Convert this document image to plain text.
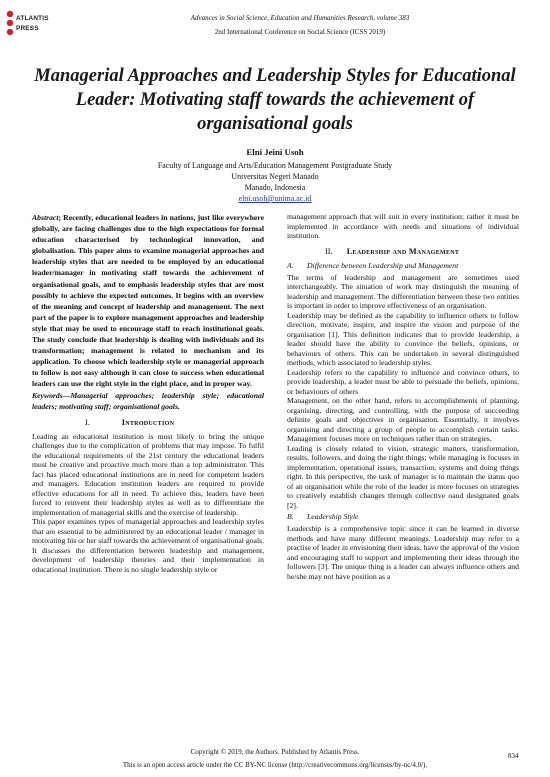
ATLANTIS
PRESS
Advances in Social Science, Education and Humanities Research, volume 383
2nd International Conference on Social Science (ICSS 2019)
Managerial Approaches and Leadership Styles for Educational Leader: Motivating staff towards the achievement of organisational goals
Elni Jeini Usoh
Faculty of Language and Arts/Education Management Postgraduate Study
Universitas Negeri Manado
Manado, Indonesia
elni.usoh@unima.ac.id

Abstract; Recently, educational leaders in nations, just like everywhere globally, are facing challenges due to the high expectations for formal education characterised by technological innovation, and globalisation. This paper aims to examine managerial approaches and leadership styles that are needed to be employed by an educational leader/manager in motivating staff towards the achievement of organisational goals, and to emphasis leadership styles that are most possibly to achieve the expected outcomes. It begins with an overview of the meaning and concept of leadership and management. The next part of the paper is to explore management approaches and leadership style that may be used to encourage staff to reach institutional goals. The study conclude that leadership is dealing with individuals and its transformation; management is related to mechanism and its application. To choose which leadership style or managerial approach to follow is not easy although it can close to success when educational leaders can use the right style in the right place, and in proper way.

Keywords—Managerial approaches; leadership style; educational leaders; motivating staff; organisational goals.

I.	Introduction

Leading an educational institution is most likely to bring the unique challenges due to the complication of problems that may impose. To fulfil the educational requirements of the 21st century the educational leaders must be creative and proactive much more than a top administrator. This fact has placed educational institutions are in need for competent leaders and managers. Education institution leaders are required to provide effective educations for all in need. To achieve this, leaders have been forced to reinvent their leadership styles as well as to differentiate the implementation of managerial skills and the exercise of leadership.

This paper examines types of managerial approaches and leadership styles that are essential to be administered by an educational leader / manager in motivating his or her staff towards the achievement of organisational goals. It discusses the differentiation between leadership and management, development of leadership theories and their implementation in educational institution. There is no single leadership style or

management approach that will suit in every institution; rather it must be implemented in accordance with needs and situations of individual institution.

II. Leadership and Management
A. Difference between Leadership and Management

The terms of leadership and management are sometimes used interchangeably. The situation of work may distinguish the meaning of leadership and management. The differentiation between these two entities is important in order to improve effectiveness of an organisation.

Leadership may be defined as the capability to influence others to follow direction, motivate, inspire, and inspire the vision and purpose of the organisation [1]. This definition indicates that to provide leadership, a leader should have the ability to convince the beliefs, opinions, or behaviours of others. This can be undertaken in several distinguished methods, which associated to leadership styles.

Leadership refers to the capability to influence and convince others, to provide leadership, a leader must be able to persuade the beliefs, opinions, or behaviours of others

Management, on the other hand, refers to accomplishments of planning, organising, directing, and controlling, with the purpose of succeeding definite goals and objectives in organisation. Essentially, it involves organising and directing a group of people to accomplish certain tasks. Management focuses more on techniques rather than on strategies.

Leading is closely related to vision, strategic matters, transformation, results, followers, and doing the right things; while managing is focuses in implementation, operational issues, transaction, systems and doing things right. In this perspective, the task of manager is to maintain the status quo of an organisation while the role of the leader is more focuses on strategies to creatively establish changes through collective oand designated goals [2].

B. Leadership Style

Leadership is a comprehensive topic since it can be learned in diverse methods and have many different meanings. Leadership may refer to a practise of leader in envisioning their ideas, have the approval of the vision and encouraging staff to support and implementing their ideas through the followers [3]. The unique thing is a leader can always influence others and he/she may not have position as a

Copyright © 2019, the Authors. Published by Atlantis Press.
This is an open access article under the CC BY-NC license (http://creativecommons.org/licenses/by-nc/4.0/).
834
